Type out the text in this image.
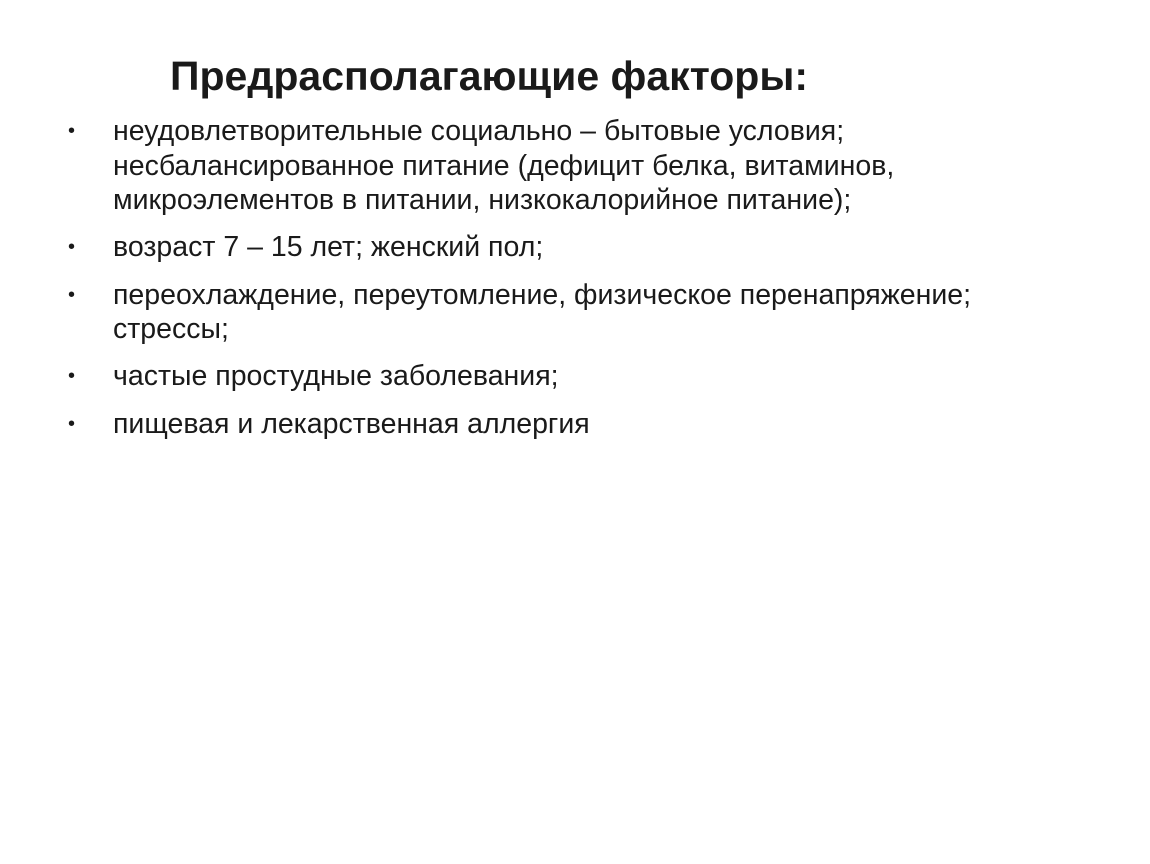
Предрасполагающие факторы:
•	неудовлетворительные социально – бытовые условия;
несбалансированное питание (дефицит белка, витаминов,
микроэлементов в питании, низкокалорийное питание);
•	возраст 7 – 15 лет; женский пол;
•	переохлаждение, переутомление, физическое перенапряжение;
стрессы;
•	частые простудные заболевания;
•	пищевая и лекарственная аллергия
